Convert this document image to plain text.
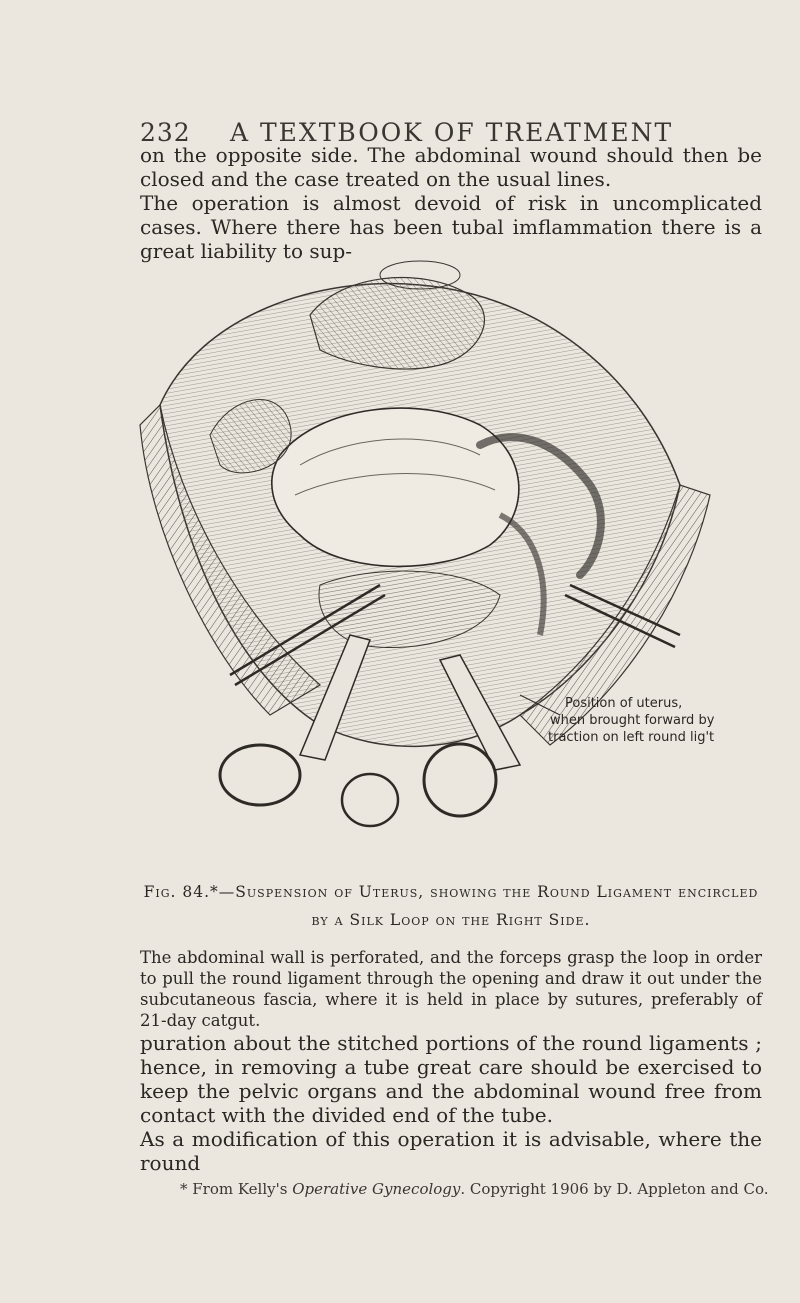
232 A TEXTBOOK OF TREATMENT

on the opposite side. The abdominal wound should then be closed and the case treated on the usual lines.

The operation is almost devoid of risk in uncomplicated cases. Where there has been tubal imflammation there is a great liability to sup-

Position of uterus,
when brought forward by
traction on left round lig't
Fig. 84.*—Suspension of Uterus, showing the Round Ligament encircled by a Silk Loop on the Right Side.
The abdominal wall is perforated, and the forceps grasp the loop in order to pull the round ligament through the opening and draw it out under the subcutaneous fascia, where it is held in place by sutures, preferably of 21-day catgut.

puration about the stitched portions of the round ligaments ; hence, in removing a tube great care should be exercised to keep the pelvic organs and the abdominal wound free from contact with the divided end of the tube.

As a modification of this operation it is advisable, where the round

* From Kelly's Operative Gynecology. Copyright 1906 by D. Appleton and Co.
